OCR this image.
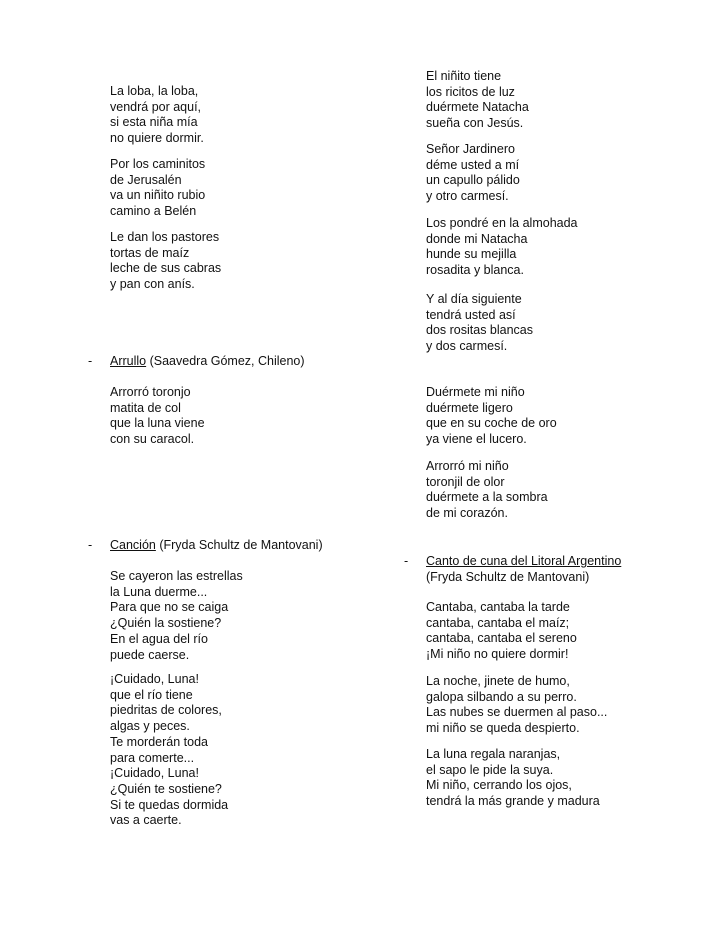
La loba, la loba,
vendrá por aquí,
si esta niña mía
no quiere dormir.
Por los caminitos
de Jerusalén
va un niñito rubio
camino a Belén
Le dan los pastores
tortas de maíz
leche de sus cabras
y pan con anís.
- Arrullo (Saavedra Gómez, Chileno)
Arrorró toronjo
matita de col
que la luna viene
con su caracol.
- Canción (Fryda Schultz de Mantovani)
Se cayeron las estrellas
la Luna duerme...
Para que no se caiga
¿Quién la sostiene?
En el agua del río
puede caerse.
¡Cuidado, Luna!
que el río tiene
piedritas de colores,
algas y peces.
Te morderán toda
para comerte...
¡Cuidado, Luna!
¿Quién te sostiene?
Si te quedas dormida
vas a caerte.
El niñito tiene
los ricitos de luz
duérmete Natacha
sueña con Jesús.
Señor Jardinero
déme usted a mí
un capullo pálido
y otro carmesí.
Los pondré en la almohada
donde mi Natacha
hunde su mejilla
rosadita y blanca.
Y al día siguiente
tendrá usted así
dos rositas blancas
y dos carmesí.
Duérmete mi niño
duérmete ligero
que en su coche de oro
ya viene el lucero.
Arrorró mi niño
toronjil de olor
duérmete a la sombra
de mi corazón.
- Canto de cuna del Litoral Argentino
(Fryda Schultz de Mantovani)
Cantaba, cantaba la tarde
cantaba, cantaba el maíz;
cantaba, cantaba el sereno
¡Mi niño no quiere dormir!
La noche, jinete de humo,
galopa silbando a su perro.
Las nubes se duermen al paso...
mi niño se queda despierto.
La luna regala naranjas,
el sapo le pide la suya.
Mi niño, cerrando los ojos,
tendrá la más grande y madura
